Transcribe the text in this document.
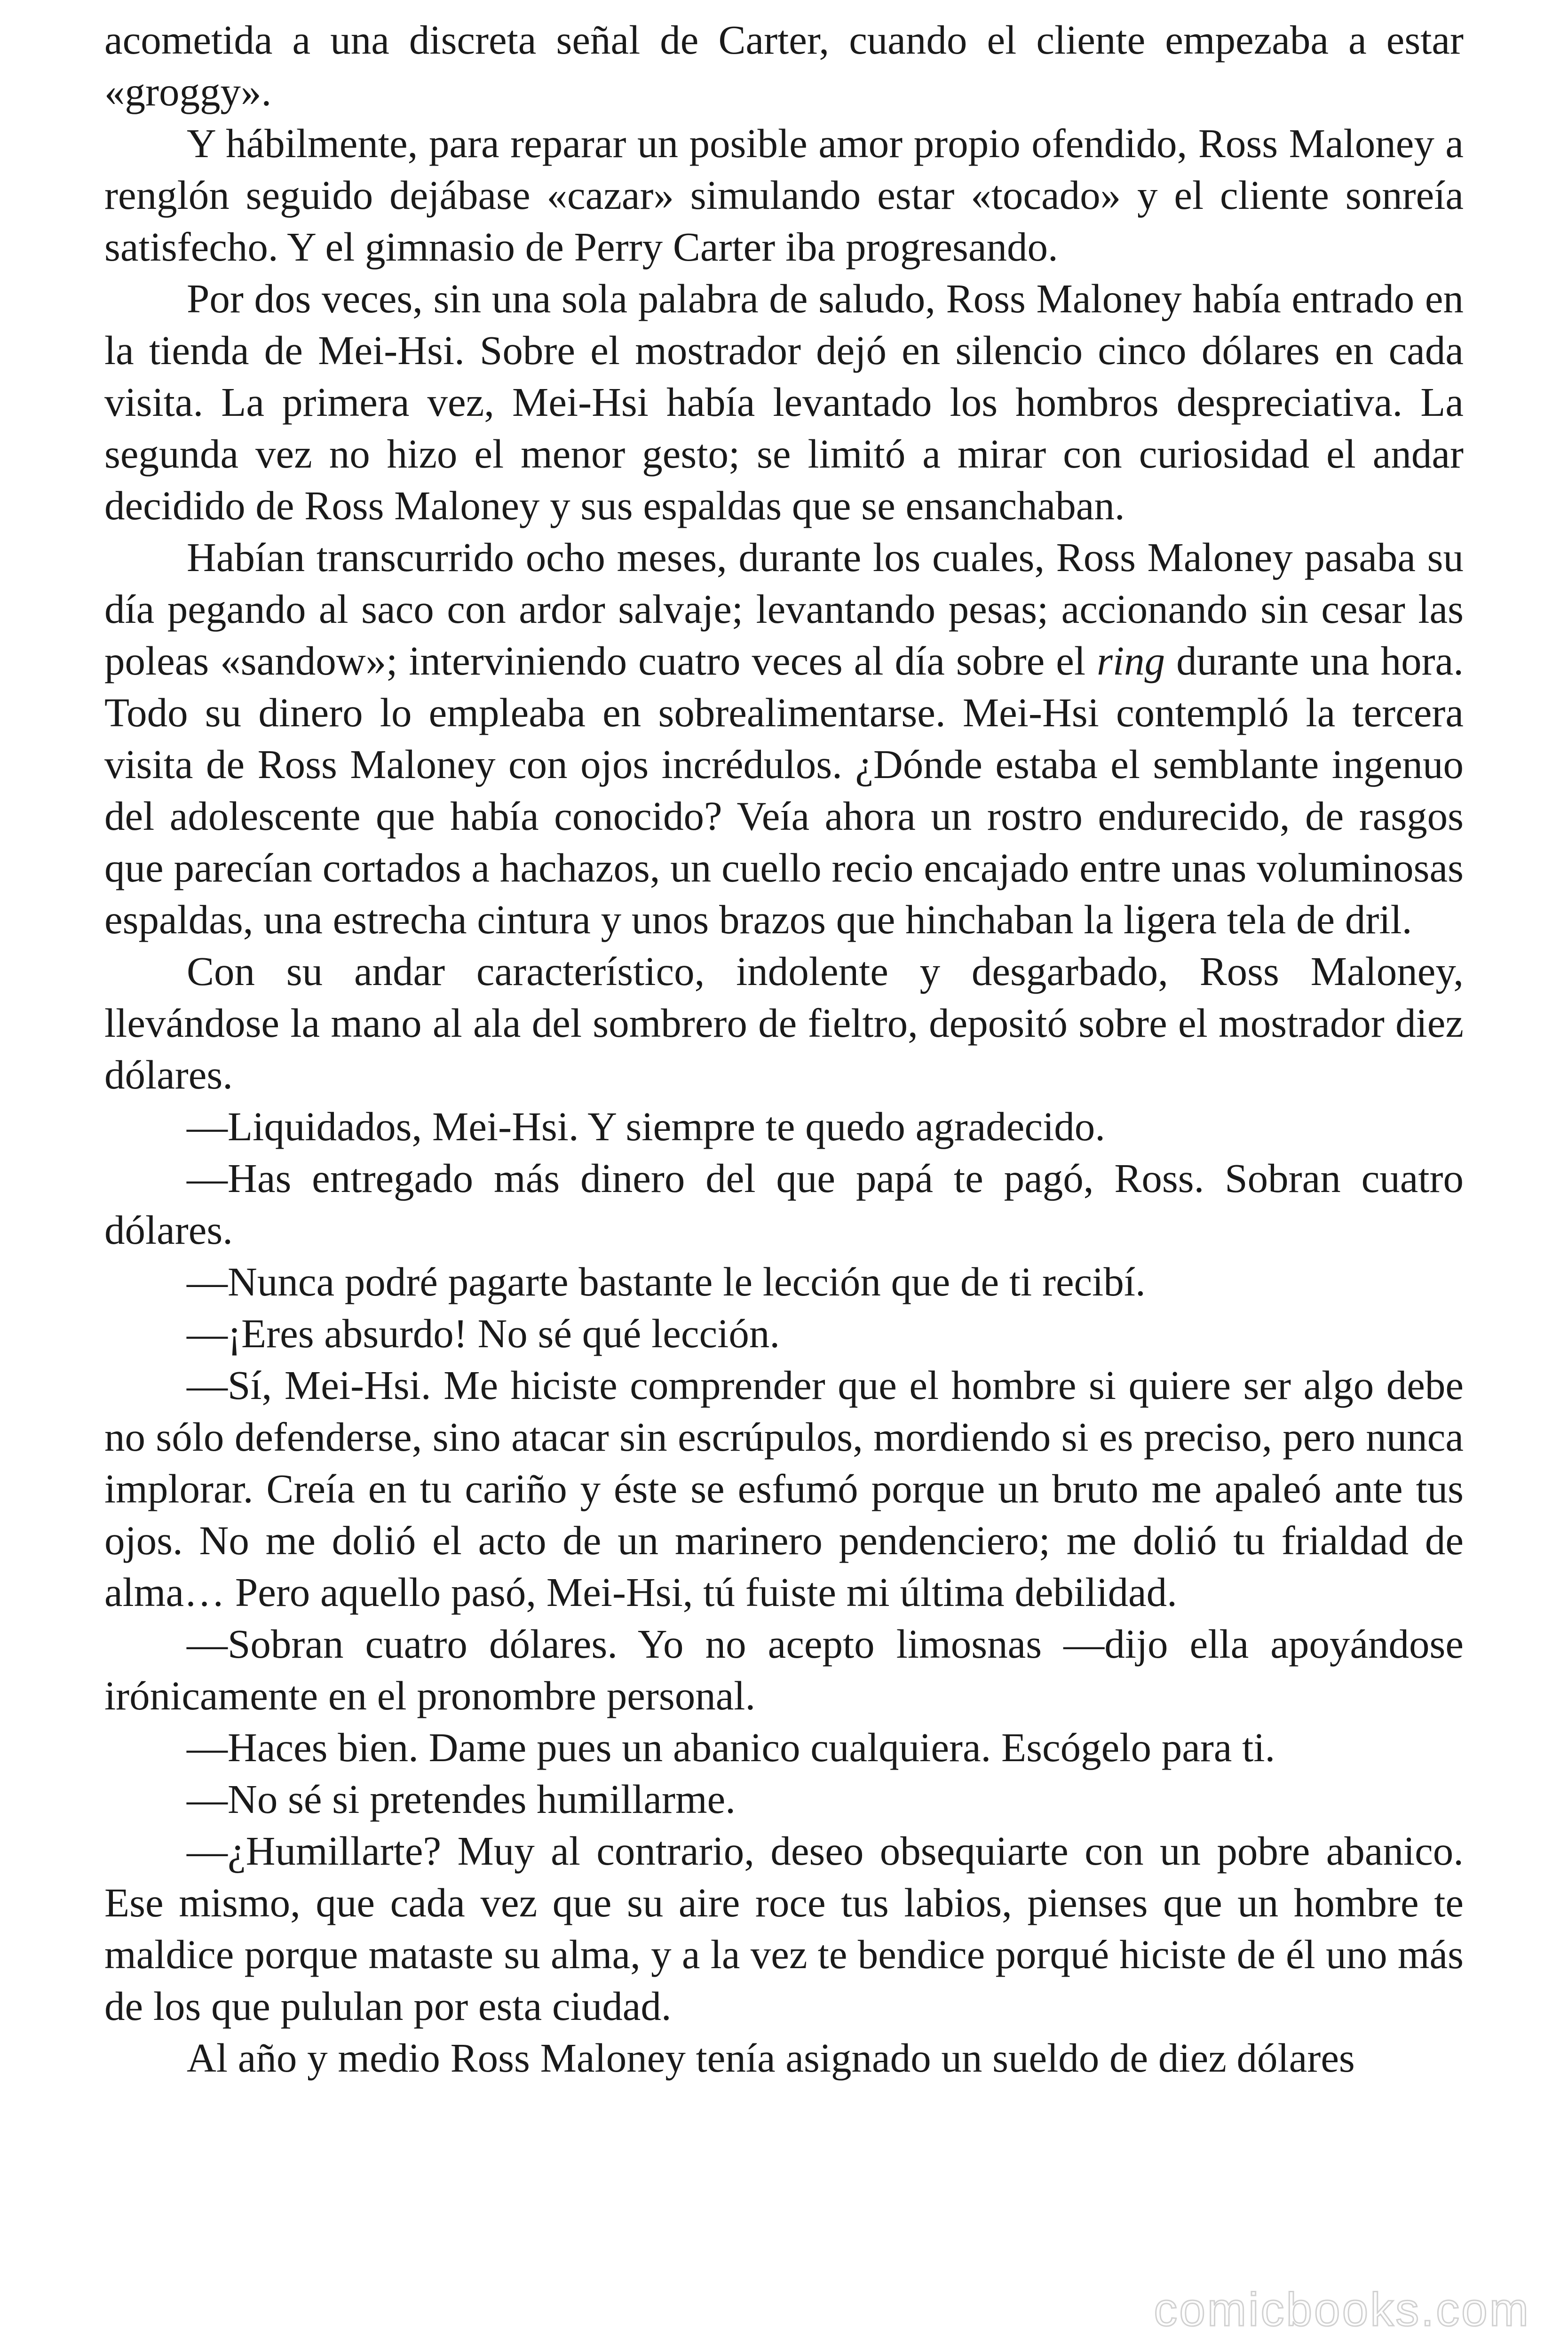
acometida a una discreta señal de Carter, cuando el cliente empezaba a estar «groggy».

Y hábilmente, para reparar un posible amor propio ofendido, Ross Maloney a renglón seguido dejábase «cazar» simulando estar «tocado» y el cliente sonreía satisfecho. Y el gimnasio de Perry Carter iba progresando.

Por dos veces, sin una sola palabra de saludo, Ross Maloney había entrado en la tienda de Mei-Hsi. Sobre el mostrador dejó en silencio cinco dólares en cada visita. La primera vez, Mei-Hsi había levantado los hombros despreciativa. La segunda vez no hizo el menor gesto; se limitó a mirar con curiosidad el andar decidido de Ross Maloney y sus espaldas que se ensanchaban.

Habían transcurrido ocho meses, durante los cuales, Ross Maloney pasaba su día pegando al saco con ardor salvaje; levantando pesas; accionando sin cesar las poleas «sandow»; interviniendo cuatro veces al día sobre el ring durante una hora. Todo su dinero lo empleaba en sobrealimentarse. Mei-Hsi contempló la tercera visita de Ross Maloney con ojos incrédulos. ¿Dónde estaba el semblante ingenuo del adolescente que había conocido? Veía ahora un rostro endurecido, de rasgos que parecían cortados a hachazos, un cuello recio encajado entre unas voluminosas espaldas, una estrecha cintura y unos brazos que hinchaban la ligera tela de dril.

Con su andar característico, indolente y desgarbado, Ross Maloney, llevándose la mano al ala del sombrero de fieltro, depositó sobre el mostrador diez dólares.

—Liquidados, Mei-Hsi. Y siempre te quedo agradecido.

—Has entregado más dinero del que papá te pagó, Ross. Sobran cuatro dólares.

—Nunca podré pagarte bastante le lección que de ti recibí.

—¡Eres absurdo! No sé qué lección.

—Sí, Mei-Hsi. Me hiciste comprender que el hombre si quiere ser algo debe no sólo defenderse, sino atacar sin escrúpulos, mordiendo si es preciso, pero nunca implorar. Creía en tu cariño y éste se esfumó porque un bruto me apaleó ante tus ojos. No me dolió el acto de un marinero pendenciero; me dolió tu frialdad de alma… Pero aquello pasó, Mei-Hsi, tú fuiste mi última debilidad.

—Sobran cuatro dólares. Yo no acepto limosnas —dijo ella apoyándose irónicamente en el pronombre personal.

—Haces bien. Dame pues un abanico cualquiera. Escógelo para ti.

—No sé si pretendes humillarme.

—¿Humillarte? Muy al contrario, deseo obsequiarte con un pobre abanico. Ese mismo, que cada vez que su aire roce tus labios, pienses que un hombre te maldice porque mataste su alma, y a la vez te bendice porqué hiciste de él uno más de los que pululan por esta ciudad.

Al año y medio Ross Maloney tenía asignado un sueldo de diez dólares

comicbooks.com
